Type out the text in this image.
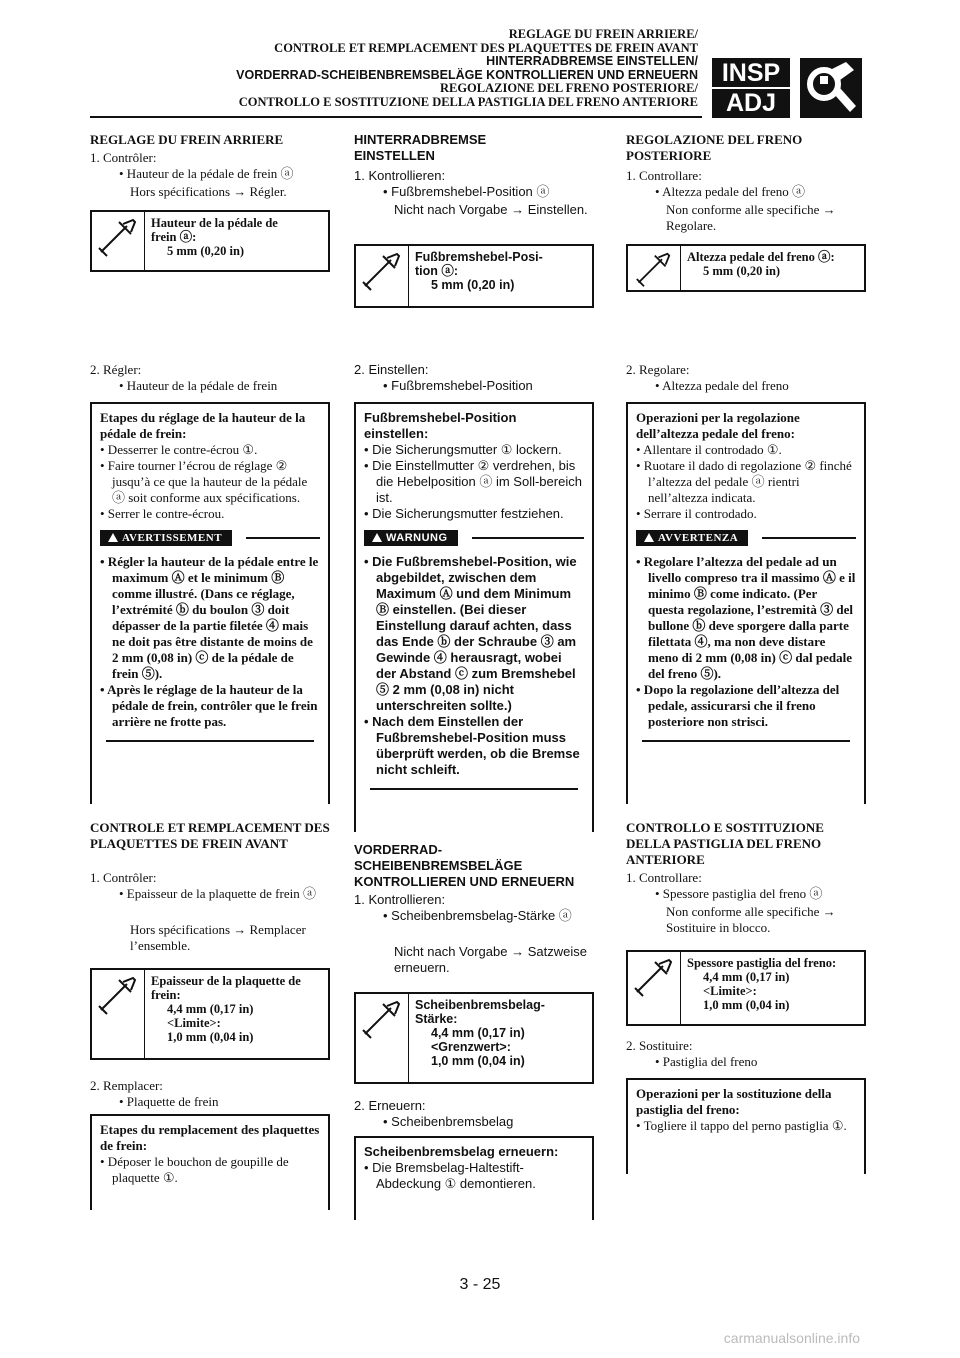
REGLAGE DU FREIN ARRIERE/
CONTROLE ET REMPLACEMENT DES PLAQUETTES DE FREIN AVANT
HINTERRADBREMSE EINSTELLEN/
VORDERRAD-SCHEIBENBREMSBELÄGE KONTROLLIEREN UND ERNEUERN
REGOLAZIONE DEL FRENO POSTERIORE/
CONTROLLO E SOSTITUZIONE DELLA PASTIGLIA DEL FRENO ANTERIORE
INSP
ADJ

REGLAGE DU FREIN ARRIERE

1. Contrôler:

• Hauteur de la pédale de frein ⓐ

Hors spécifications → Régler.

Hauteur de la pédale de
frein ⓐ:
5 mm (0,20 in)

2. Régler:

• Hauteur de la pédale de frein

Etapes du réglage de la hauteur de la pédale de frein:

• Desserrer le contre-écrou ①.

• Faire tourner l’écrou de réglage ② jusqu’à ce que la hauteur de la pédale ⓐ soit conforme aux spécifications.

• Serrer le contre-écrou.

AVERTISSEMENT

• Régler la hauteur de la pédale entre le maximum Ⓐ et le minimum Ⓑ comme illustré. (Dans ce réglage, l’extrémité ⓑ du boulon ③ doit dépasser de la partie filetée ④ mais ne doit pas être distante de moins de 2 mm (0,08 in) ⓒ de la pédale de frein ⑤).

• Après le réglage de la hauteur de la pédale de frein, contrôler que le frein arrière ne frotte pas.

CONTROLE ET REMPLACEMENT DES PLAQUETTES DE FREIN AVANT

1. Contrôler:

• Epaisseur de la plaquette de frein ⓐ

Hors spécifications → Remplacer l’ensemble.

Epaisseur de la plaquette de
frein:
4,4 mm (0,17 in)
<Limite>:
1,0 mm (0,04 in)

2. Remplacer:

• Plaquette de frein

Etapes du remplacement des plaquettes de frein:

• Déposer le bouchon de goupille de plaquette ①.

HINTERRADBREMSE EINSTELLEN

1. Kontrollieren:

• Fußbremshebel-Position ⓐ

Nicht nach Vorgabe → Einstellen.

Fußbremshebel-Posi-
tion ⓐ:
5 mm (0,20 in)

2. Einstellen:

• Fußbremshebel-Position

Fußbremshebel-Position einstellen:

• Die Sicherungsmutter ① lockern.

• Die Einstellmutter ② verdrehen, bis die Hebelposition ⓐ im Soll-bereich ist.

• Die Sicherungsmutter festziehen.

WARNUNG

• Die Fußbremshebel-Position, wie abgebildet, zwischen dem Maximum Ⓐ und dem Minimum Ⓑ einstellen. (Bei dieser Einstellung darauf achten, dass das Ende ⓑ der Schraube ③ am Gewinde ④ herausragt, wobei der Abstand ⓒ zum Bremshebel ⑤ 2 mm (0,08 in) nicht unterschreiten sollte.)

• Nach dem Einstellen der Fußbremshebel-Position muss überprüft werden, ob die Bremse nicht schleift.

VORDERRAD-SCHEIBENBREMSBELÄGE KONTROLLIEREN UND ERNEUERN

1. Kontrollieren:

• Scheibenbremsbelag-Stärke ⓐ

Nicht nach Vorgabe → Satzweise erneuern.

Scheibenbremsbelag-
Stärke:
4,4 mm (0,17 in)
<Grenzwert>:
1,0 mm (0,04 in)

2. Erneuern:

• Scheibenbremsbelag

Scheibenbremsbelag erneuern:

• Die Bremsbelag-Haltestift-Abdeckung ① demontieren.

REGOLAZIONE DEL FRENO POSTERIORE

1. Controllare:

• Altezza pedale del freno ⓐ

Non conforme alle specifiche → Regolare.

Altezza pedale del freno ⓐ:
5 mm (0,20 in)

2. Regolare:

• Altezza pedale del freno

Operazioni per la regolazione dell’altezza pedale del freno:

• Allentare il controdado ①.

• Ruotare il dado di regolazione ② finché l’altezza del pedale ⓐ rientri nell’altezza indicata.

• Serrare il controdado.

AVVERTENZA

• Regolare l’altezza del pedale ad un livello compreso tra il massimo Ⓐ e il minimo Ⓑ come indicato. (Per questa regolazione, l’estremità ③ del bullone ⓑ deve sporgere dalla parte filettata ④, ma non deve distare meno di 2 mm (0,08 in) ⓒ dal pedale del freno ⑤).

• Dopo la regolazione dell’altezza del pedale, assicurarsi che il freno posteriore non strisci.

CONTROLLO E SOSTITUZIONE DELLA PASTIGLIA DEL FRENO ANTERIORE

1. Controllare:

• Spessore pastiglia del freno ⓐ

Non conforme alle specifiche → Sostituire in blocco.

Spessore pastiglia del freno:
4,4 mm (0,17 in)
<Limite>:
1,0 mm (0,04 in)

2. Sostituire:

• Pastiglia del freno

Operazioni per la sostituzione della pastiglia del freno:

• Togliere il tappo del perno pastiglia ①.

3 - 25
carmanualsonline.info
